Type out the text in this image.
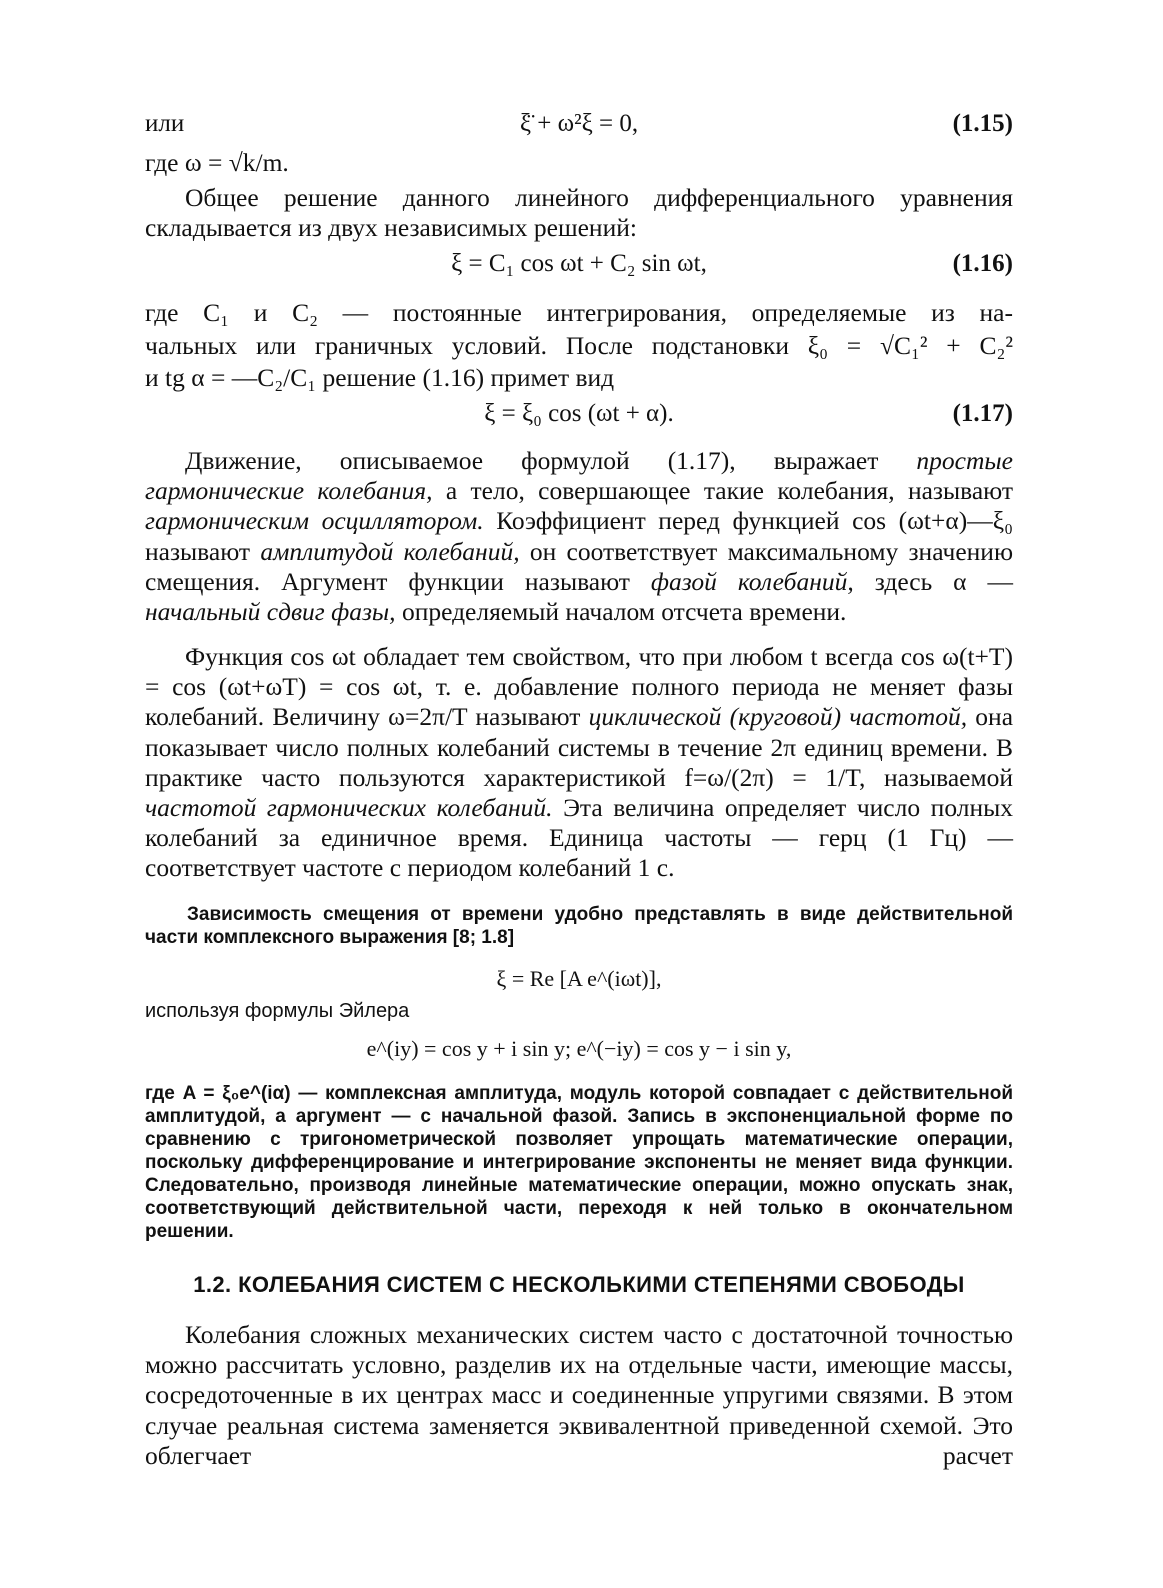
или	ξ̈ + ω²ξ = 0,	(1.15)
где ω = √k/m.
Общее решение данного линейного дифференциального уравнения складывается из двух независимых решений:
ξ = C₁ cos ωt + C₂ sin ωt,	(1.16)
где C₁ и C₂ — постоянные интегрирования, определяемые из на-
чальных или граничных условий. После подстановки ξ₀ = √C₁² + C₂²
и tg α = —C₂/C₁ решение (1.16) примет вид
ξ = ξ₀ cos (ωt + α).	(1.17)
Движение, описываемое формулой (1.17), выражает простые гармонические колебания, а тело, совершающее такие колебания, называют гармоническим осциллятором. Коэффициент перед функцией cos (ωt+α)—ξ₀ называют амплитудой колебаний, он соответствует максимальному значению смещения. Аргумент функции называют фазой колебаний, здесь α — начальный сдвиг фазы, определяемый началом отсчета времени.
Функция cos ωt обладает тем свойством, что при любом t всегда cos ω(t+T) = cos (ωt+ωT) = cos ωt, т. е. добавление полного периода не меняет фазы колебаний. Величину ω=2π/T называют циклической (круговой) частотой, она показывает число полных колебаний системы в течение 2π единиц времени. В практике часто пользуются характеристикой f=ω/(2π) = 1/T, называемой частотой гармонических колебаний. Эта величина определяет число полных колебаний за единичное время. Единица частоты — герц (1 Гц) — соответствует частоте с периодом колебаний 1 с.
Зависимость смещения от времени удобно представлять в виде действительной части комплексного выражения [8; 1.8]
ξ = Re [A e^(iωt)],
используя формулы Эйлера
e^(iy) = cos y + i sin y; e^(−iy) = cos y − i sin y,
где A = ξ₀e^(iα) — комплексная амплитуда, модуль которой совпадает с действительной амплитудой, а аргумент — с начальной фазой. Запись в экспоненциальной форме по сравнению с тригонометрической позволяет упрощать математические операции, поскольку дифференцирование и интегрирование экспоненты не меняет вида функции. Следовательно, производя линейные математические операции, можно опускать знак, соответствующий действительной части, переходя к ней только в окончательном решении.
1.2. КОЛЕБАНИЯ СИСТЕМ С НЕСКОЛЬКИМИ СТЕПЕНЯМИ СВОБОДЫ
Колебания сложных механических систем часто с достаточной точностью можно рассчитать условно, разделив их на отдельные части, имеющие массы, сосредоточенные в их центрах масс и соединенные упругими связями. В этом случае реальная система заменяется эквивалентной приведенной схемой. Это облегчает расчет
